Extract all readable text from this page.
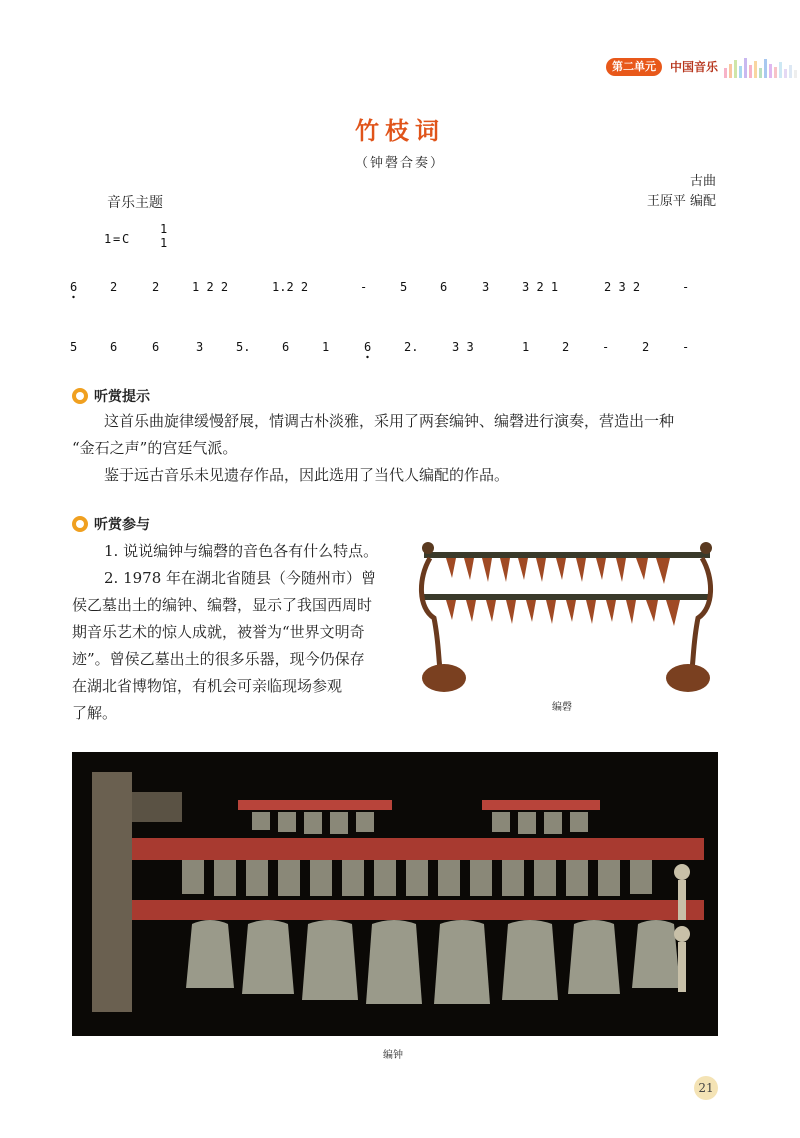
第二单元	中国音乐
竹枝词
（钟磬合奏）
古曲
王原平 编配
音乐主题
1 = C
1
1
6	2	2	1 2 2	1.2 2	-	5	6	3	3 2 1	2 3 2	-
5	6	6	3	5.	6	1	6	2.	3 3	1	2	-	2	-
听赏提示
这首乐曲旋律缓慢舒展，情调古朴淡雅，采用了两套编钟、编磬进行演奏，营造出一种
“金石之声”的宫廷气派。
鉴于远古音乐未见遗存作品，因此选用了当代人编配的作品。
听赏参与
1. 说说编钟与编磬的音色各有什么特点。
2. 1978 年在湖北省随县（今随州市）曾
侯乙墓出土的编钟、编磬，显示了我国西周时
期音乐艺术的惊人成就，被誉为“世界文明奇
迹”。曾侯乙墓出土的很多乐器，现今仍保存
在湖北省博物馆，有机会可亲临现场参观
了解。	编磬
编钟
21
